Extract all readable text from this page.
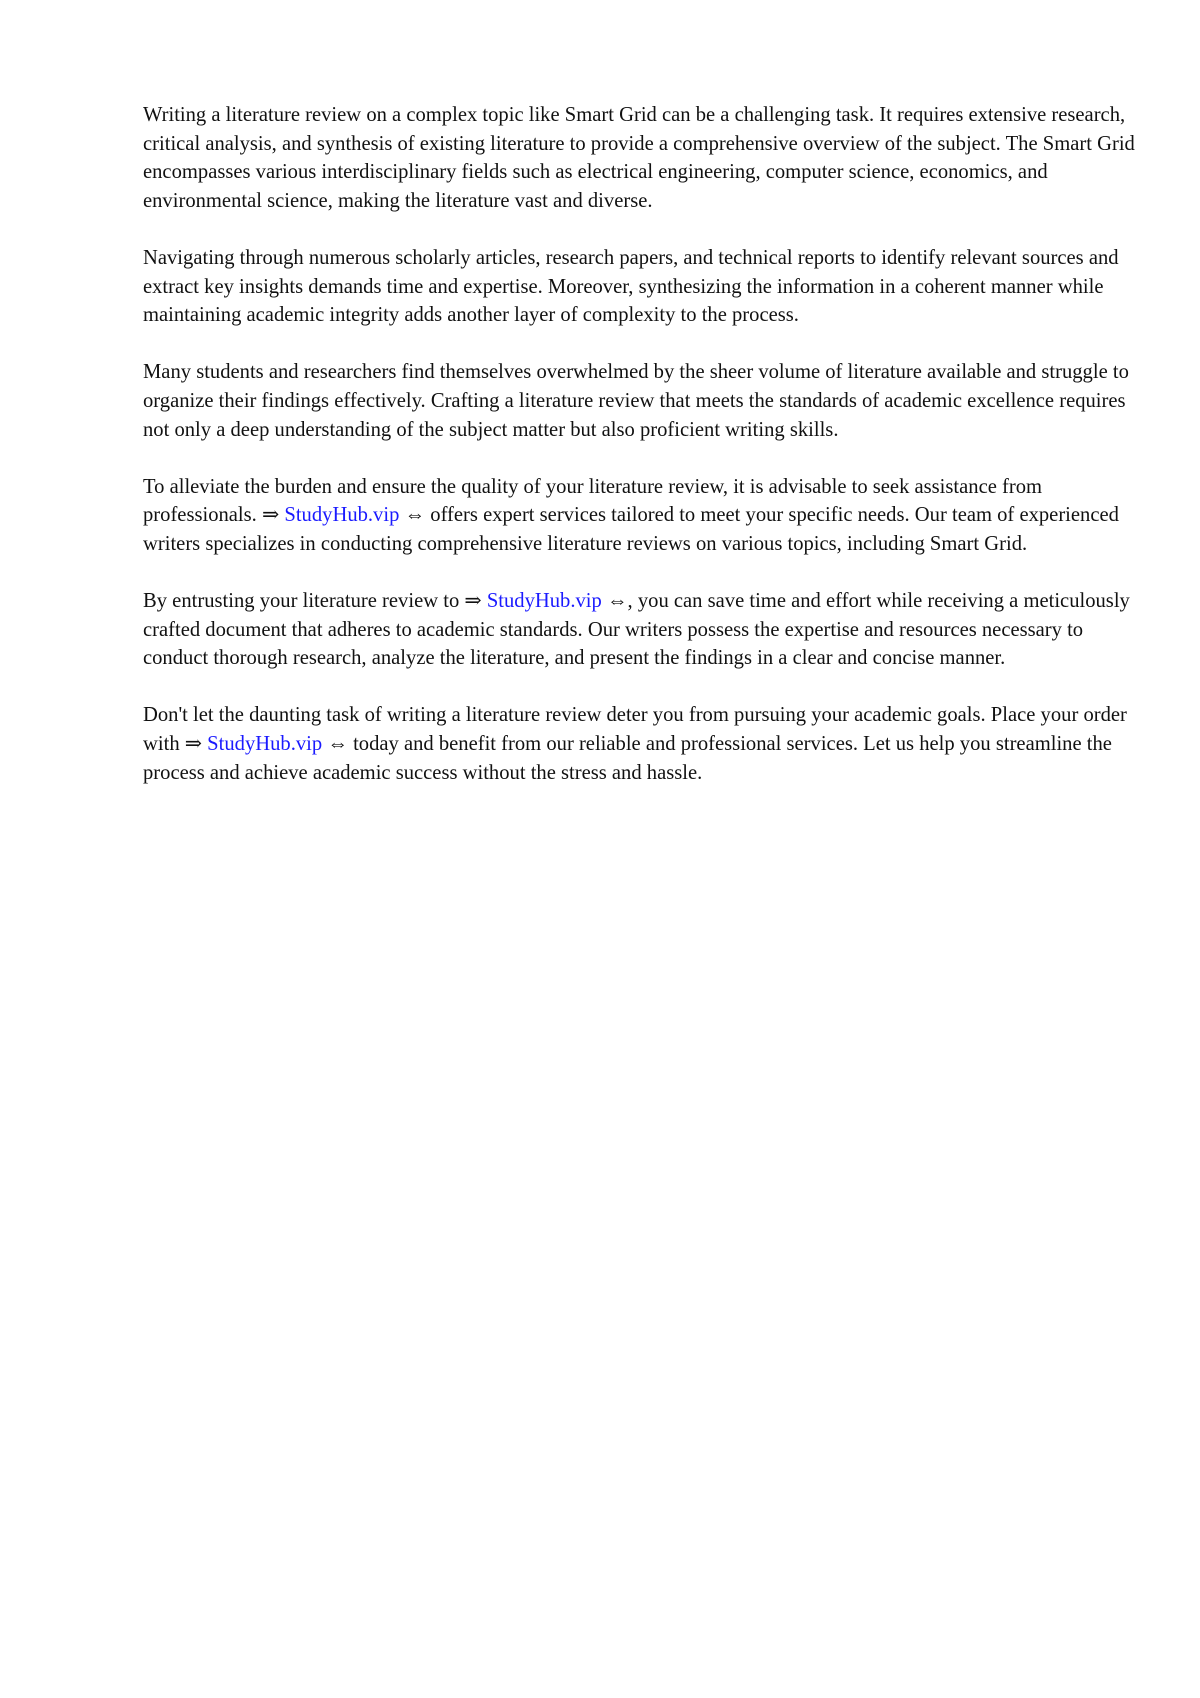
Writing a literature review on a complex topic like Smart Grid can be a challenging task. It requires extensive research, critical analysis, and synthesis of existing literature to provide a comprehensive overview of the subject. The Smart Grid encompasses various interdisciplinary fields such as electrical engineering, computer science, economics, and environmental science, making the literature vast and diverse.

Navigating through numerous scholarly articles, research papers, and technical reports to identify relevant sources and extract key insights demands time and expertise. Moreover, synthesizing the information in a coherent manner while maintaining academic integrity adds another layer of complexity to the process.

Many students and researchers find themselves overwhelmed by the sheer volume of literature available and struggle to organize their findings effectively. Crafting a literature review that meets the standards of academic excellence requires not only a deep understanding of the subject matter but also proficient writing skills.

To alleviate the burden and ensure the quality of your literature review, it is advisable to seek assistance from professionals. ⇒ StudyHub.vip ⇔ offers expert services tailored to meet your specific needs. Our team of experienced writers specializes in conducting comprehensive literature reviews on various topics, including Smart Grid.

By entrusting your literature review to ⇒ StudyHub.vip ⇔, you can save time and effort while receiving a meticulously crafted document that adheres to academic standards. Our writers possess the expertise and resources necessary to conduct thorough research, analyze the literature, and present the findings in a clear and concise manner.

Don't let the daunting task of writing a literature review deter you from pursuing your academic goals. Place your order with ⇒ StudyHub.vip ⇔ today and benefit from our reliable and professional services. Let us help you streamline the process and achieve academic success without the stress and hassle.
